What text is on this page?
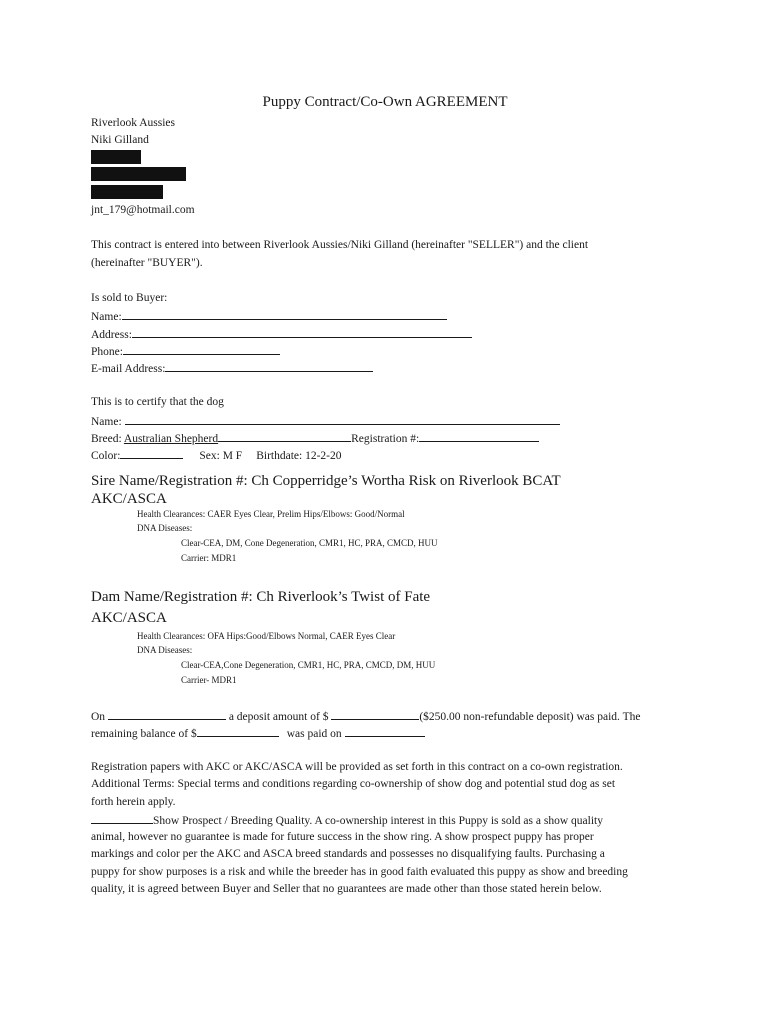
Puppy Contract/Co-Own AGREEMENT
Riverlook Aussies
Niki Gilland
jnt_179@hotmail.com
This contract is entered into between Riverlook Aussies/Niki Gilland (hereinafter "SELLER") and the client
(hereinafter "BUYER").
Is sold to Buyer:
Name:
Address:
Phone:
E-mail Address:
This is to certify that the dog
Name:
Breed: Australian Shepherd	Registration #:
Color:	Sex: M F Birthdate: 12-2-20
Sire Name/Registration #: Ch Copperridge’s Wortha Risk on Riverlook BCAT
AKC/ASCA
Health Clearances: CAER Eyes Clear, Prelim Hips/Elbows: Good/Normal
DNA Diseases:
Clear-CEA, DM, Cone Degeneration, CMR1, HC, PRA, CMCD, HUU
Carrier: MDR1
Dam Name/Registration #: Ch Riverlook’s Twist of Fate
AKC/ASCA
Health Clearances: OFA Hips:Good/Elbows Normal, CAER Eyes Clear
DNA Diseases:
Clear-CEA,Cone Degeneration, CMR1, HC, PRA, CMCD, DM, HUU
Carrier- MDR1
On	a deposit amount of $	($250.00 non-refundable deposit) was paid. The
remaining balance of $	was paid on
Registration papers with AKC or AKC/ASCA will be provided as set forth in this contract on a co-own registration.
Additional Terms: Special terms and conditions regarding co-ownership of show dog and potential stud dog as set
forth herein apply.
Show Prospect / Breeding Quality. A co-ownership interest in this Puppy is sold as a show quality
animal, however no guarantee is made for future success in the show ring. A show prospect puppy has proper
markings and color per the AKC and ASCA breed standards and possesses no disqualifying faults. Purchasing a
puppy for show purposes is a risk and while the breeder has in good faith evaluated this puppy as show and breeding
quality, it is agreed between Buyer and Seller that no guarantees are made other than those stated herein below.
